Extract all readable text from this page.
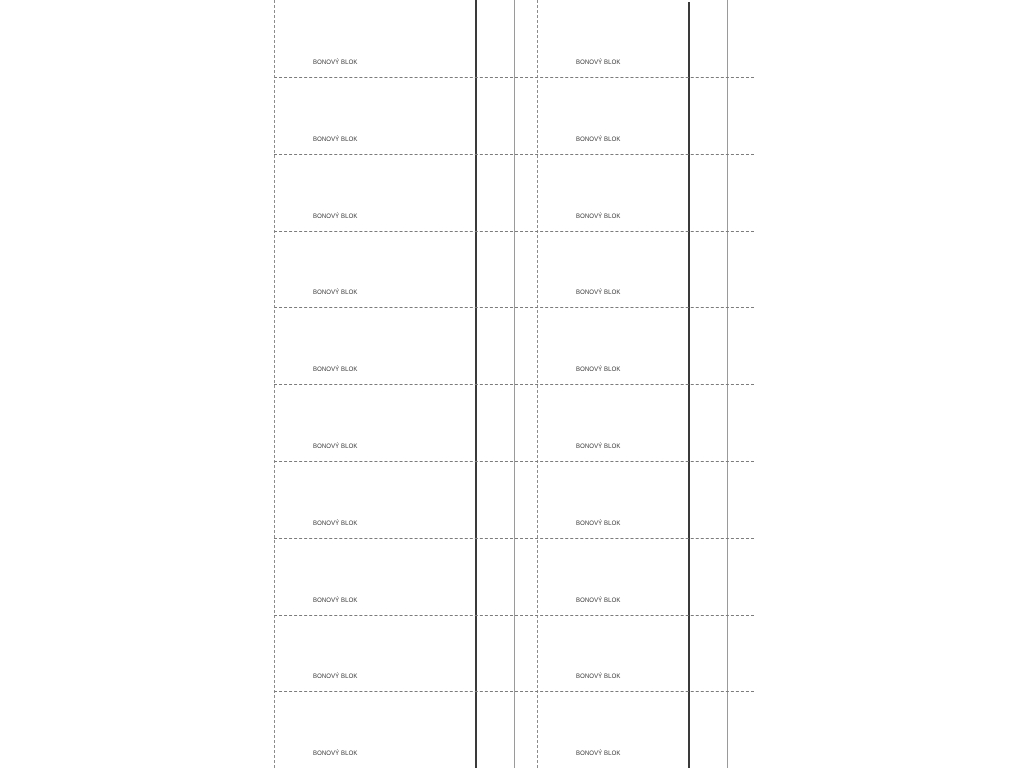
BONOVÝ BLOK	BONOVÝ BLOK
BONOVÝ BLOK	BONOVÝ BLOK
BONOVÝ BLOK	BONOVÝ BLOK
BONOVÝ BLOK	BONOVÝ BLOK
BONOVÝ BLOK	BONOVÝ BLOK
BONOVÝ BLOK	BONOVÝ BLOK
BONOVÝ BLOK	BONOVÝ BLOK
BONOVÝ BLOK	BONOVÝ BLOK
BONOVÝ BLOK	BONOVÝ BLOK
BONOVÝ BLOK	BONOVÝ BLOK
